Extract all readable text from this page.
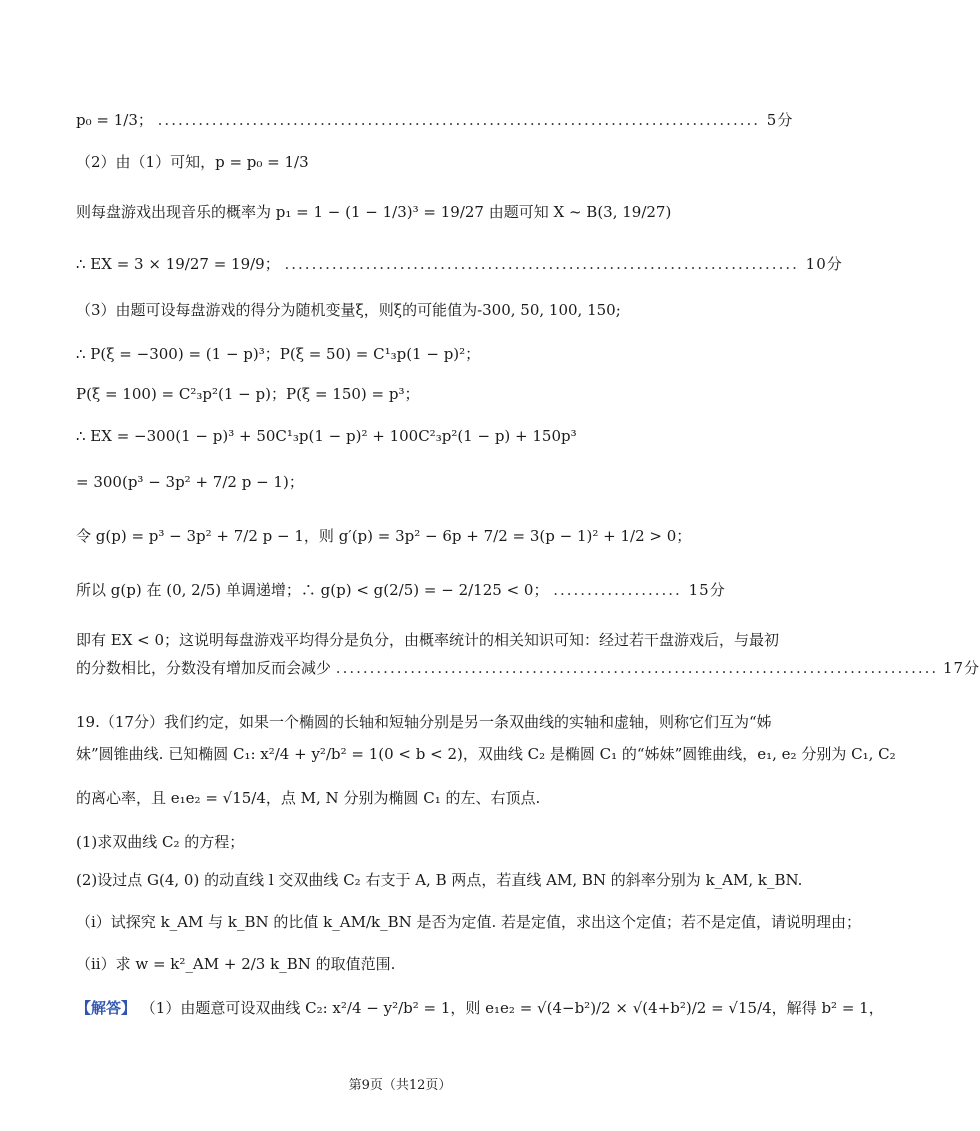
p₀ = 1/3； ......................................................................................... 5分
（2）由（1）可知，p = p₀ = 1/3
则每盘游戏出现音乐的概率为 p₁ = 1 − (1 − 1/3)³ = 19/27 由题可知 X ~ B(3, 19/27)
∴ EX = 3 × 19/27 = 19/9； ............................................................................ 10分
（3）由题可设每盘游戏的得分为随机变量ξ，则ξ的可能值为-300, 50, 100, 150;
∴ P(ξ = −300) = (1 − p)³；P(ξ = 50) = C¹₃p(1 − p)²；
P(ξ = 100) = C²₃p²(1 − p)；P(ξ = 150) = p³；
∴ EX = −300(1 − p)³ + 50C¹₃p(1 − p)² + 100C²₃p²(1 − p) + 150p³
= 300(p³ − 3p² + 7/2 p − 1)；
令 g(p) = p³ − 3p² + 7/2 p − 1，则 g′(p) = 3p² − 6p + 7/2 = 3(p − 1)² + 1/2 > 0；
所以 g(p) 在 (0, 2/5) 单调递增；∴ g(p) < g(2/5) = − 2/125 < 0； ................... 15分
即有 EX < 0；这说明每盘游戏平均得分是负分，由概率统计的相关知识可知：经过若干盘游戏后，与最初
的分数相比，分数没有增加反而会减少 ......................................................................................... 17分
19.（17分）我们约定，如果一个椭圆的长轴和短轴分别是另一条双曲线的实轴和虚轴，则称它们互为“姊
妹”圆锥曲线. 已知椭圆 C₁: x²/4 + y²/b² = 1(0 < b < 2)，双曲线 C₂ 是椭圆 C₁ 的“姊妹”圆锥曲线，e₁, e₂ 分别为 C₁, C₂
的离心率，且 e₁e₂ = √15/4，点 M, N 分别为椭圆 C₁ 的左、右顶点.
(1)求双曲线 C₂ 的方程；
(2)设过点 G(4, 0) 的动直线 l 交双曲线 C₂ 右支于 A, B 两点，若直线 AM, BN 的斜率分别为 k_AM, k_BN.
（i）试探究 k_AM 与 k_BN 的比值 k_AM/k_BN 是否为定值. 若是定值，求出这个定值；若不是定值，请说明理由；
（ii）求 w = k²_AM + 2/3 k_BN 的取值范围.
【解答】 （1）由题意可设双曲线 C₂: x²/4 − y²/b² = 1，则 e₁e₂ = √(4−b²)/2 × √(4+b²)/2 = √15/4，解得 b² = 1，
第9页（共12页）
